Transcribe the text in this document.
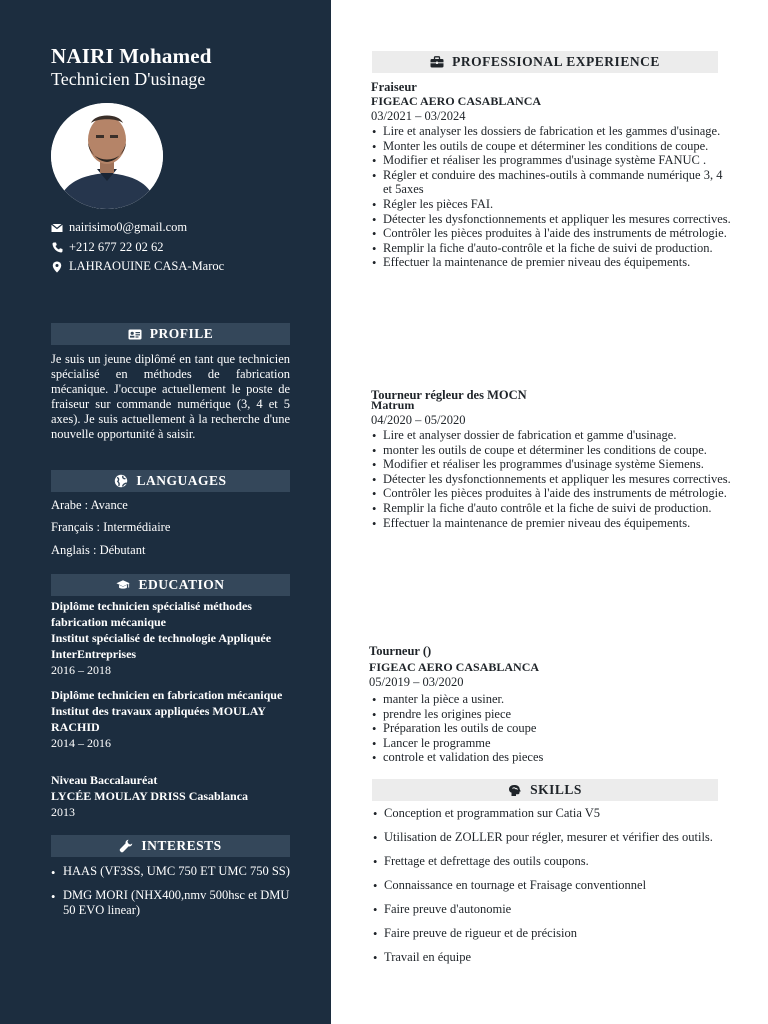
NAIRI Mohamed
Technicien D'usinage
nairisimo0@gmail.com
+212 677 22 02 62
LAHRAOUINE CASA-Maroc
PROFILE

Je suis un jeune diplômé en tant que technicien spécialisé en méthodes de fabrication mécanique. J'occupe actuellement le poste de fraiseur sur commande numérique (3, 4 et 5 axes). Je suis actuellement à la recherche d'une nouvelle opportunité à saisir.

LANGUAGES
Arabe : Avance
Français : Intermédiaire
Anglais : Débutant
EDUCATION
Diplôme technicien spécialisé méthodes fabrication mécanique
Institut spécialisé de technologie Appliquée InterEntreprises
2016 – 2018
Diplôme technicien en fabrication mécanique
Institut des travaux appliquées MOULAY RACHID
2014 – 2016
Niveau Baccalauréat
LYCÉE MOULAY DRISS Casablanca
2013
INTERESTS
• HAAS (VF3SS, UMC 750 ET UMC 750 SS)
• DMG MORI (NHX400,nmv 500hsc et DMU 50 EVO linear)
PROFESSIONAL EXPERIENCE
Fraiseur
FIGEAC AERO CASABLANCA
03/2021 – 03/2024
• Lire et analyser les dossiers de fabrication et les gammes d'usinage.
• Monter les outils de coupe et déterminer les conditions de coupe.
• Modifier et réaliser les programmes d'usinage système FANUC .
• Régler et conduire des machines-outils à commande numérique 3, 4 et 5axes
• Régler les pièces FAI.
• Détecter les dysfonctionnements et appliquer les mesures correctives.
• Contrôler les pièces produites à l'aide des instruments de métrologie.
• Remplir la fiche d'auto-contrôle et la fiche de suivi de production.
• Effectuer la maintenance de premier niveau des équipements.
Tourneur régleur des MOCN
Matrum
04/2020 – 05/2020
• Lire et analyser dossier de fabrication et gamme d'usinage.
• monter les outils de coupe et déterminer les conditions de coupe.
• Modifier et réaliser les programmes d'usinage système Siemens.
• Détecter les dysfonctionnements et appliquer les mesures correctives.
• Contrôler les pièces produites à l'aide des instruments de métrologie.
• Remplir la fiche d'auto contrôle et la fiche de suivi de production.
• Effectuer la maintenance de premier niveau des équipements.
Tourneur ()
FIGEAC AERO CASABLANCA
05/2019 – 03/2020
• manter la pièce a usiner.
• prendre les origines piece
• Préparation les outils de coupe
• Lancer le programme
• controle et validation des pieces
SKILLS
• Conception et programmation sur Catia V5
• Utilisation de ZOLLER pour régler, mesurer et vérifier des outils.
• Frettage et defrettage des outils coupons.
• Connaissance en tournage et Fraisage conventionnel
• Faire preuve d'autonomie
• Faire preuve de rigueur et de précision
• Travail en équipe
